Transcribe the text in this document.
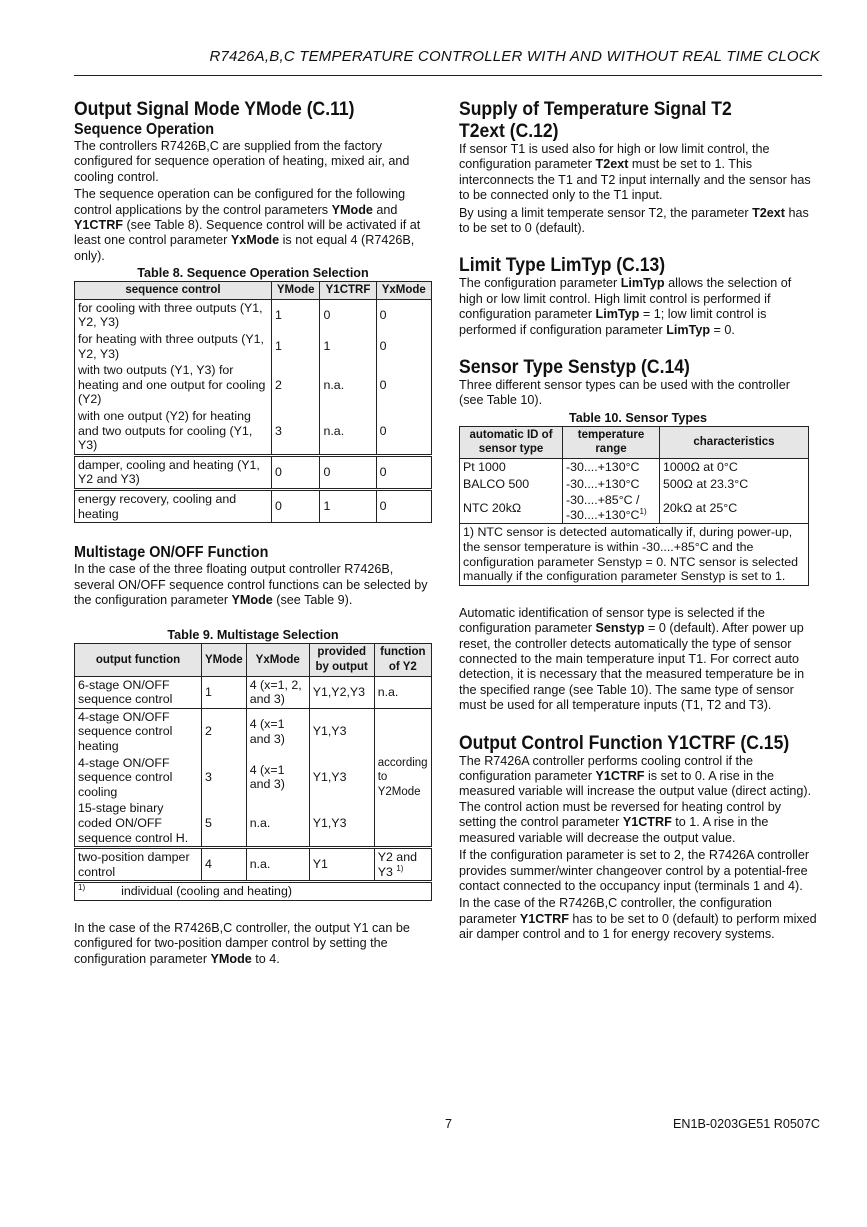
R7426A,B,C TEMPERATURE CONTROLLER WITH AND WITHOUT REAL TIME CLOCK
Output Signal Mode YMode (C.11)
Sequence Operation

The controllers R7426B,C are supplied from the factory configured for sequence operation of heating, mixed air, and cooling control.

The sequence operation can be configured for the following control applications by the control parameters YMode and Y1CTRF (see Table 8). Sequence control will be activated if at least one control parameter YxMode is not equal 4 (R7426B, only).

Table 8. Sequence Operation Selection
sequence control	YMode	Y1CTRF	YxMode
for cooling with three outputs (Y1, Y2, Y3)	1	0	0
for heating with three outputs (Y1, Y2, Y3)	1	1	0
with two outputs (Y1, Y3) for heating and one output for cooling (Y2)	2	n.a.	0
with one output (Y2) for heating and two outputs for cooling (Y1, Y3)	3	n.a.	0
damper, cooling and heating (Y1, Y2 and Y3)	0	0	0
energy recovery, cooling and heating	0	1	0
Multistage ON/OFF Function

In the case of the three floating output controller R7426B, several ON/OFF sequence control functions can be selected by the configuration parameter YMode (see Table 9).

Table 9. Multistage Selection
output function	YMode	YxMode	provided by output	function of Y2
6-stage ON/OFF sequence control	1	4 (x=1, 2, and 3)	Y1,Y2,Y3	n.a.
4-stage ON/OFF sequence control heating	2	4 (x=1 and 3)	Y1,Y3	according to Y2Mode
4-stage ON/OFF sequence control cooling	3	4 (x=1 and 3)	Y1,Y3	
15-stage binary coded ON/OFF sequence control H.	5	n.a.	Y1,Y3	
two-position damper control	4	n.a.	Y1	Y2 and Y3 $^{1)}$
$^{1)}$ individual (cooling and heating)				

In the case of the R7426B,C controller, the output Y1 can be configured for two-position damper control by setting the configuration parameter YMode to 4.

Supply of Temperature Signal T2
T2ext (C.12)

If sensor T1 is used also for high or low limit control, the configuration parameter T2ext must be set to 1. This interconnects the T1 and T2 input internally and the sensor has to be connected only to the T1 input.

By using a limit temperate sensor T2, the parameter T2ext has to be set to 0 (default).

Limit Type LimTyp (C.13)

The configuration parameter LimTyp allows the selection of high or low limit control. High limit control is performed if configuration parameter LimTyp = 1; low limit control is performed if configuration parameter LimTyp = 0.

Sensor Type Senstyp (C.14)

Three different sensor types can be used with the controller (see Table 10).

Table 10. Sensor Types
automatic ID of sensor type	temperature range	characteristics
Pt 1000	-30....+130°C	1000Ω at 0°C
BALCO 500	-30....+130°C	500Ω at 23.3°C
NTC 20kΩ	$-30....+85^\circ C / -30....+130^\circ C^{1)}$	20kΩ at 25°C
1) NTC sensor is detected automatically if, during power-up, the sensor temperature is within -30....+85°C and the configuration parameter Senstyp = 0. NTC sensor is selected manually if the configuration parameter Senstyp is set to 1.		

Automatic identification of sensor type is selected if the configuration parameter Senstyp = 0 (default). After power up reset, the controller detects automatically the type of sensor connected to the main temperature input T1. For correct auto detection, it is necessary that the measured temperature be in the specified range (see Table 10). The same type of sensor must be used for all temperature inputs (T1, T2 and T3).

Output Control Function Y1CTRF (C.15)

The R7426A controller performs cooling control if the configuration parameter Y1CTRF is set to 0. A rise in the measured variable will increase the output value (direct acting). The control action must be reversed for heating control by setting the control parameter Y1CTRF to 1. A rise in the measured variable will decrease the output value.

If the configuration parameter is set to 2, the R7426A controller provides summer/winter changeover control by a potential-free contact connected to the occupancy input (terminals 1 and 4).

In the case of the R7426B,C controller, the configuration parameter Y1CTRF has to be set to 0 (default) to perform mixed air damper control and to 1 for energy recovery systems.

7	EN1B-0203GE51 R0507C
